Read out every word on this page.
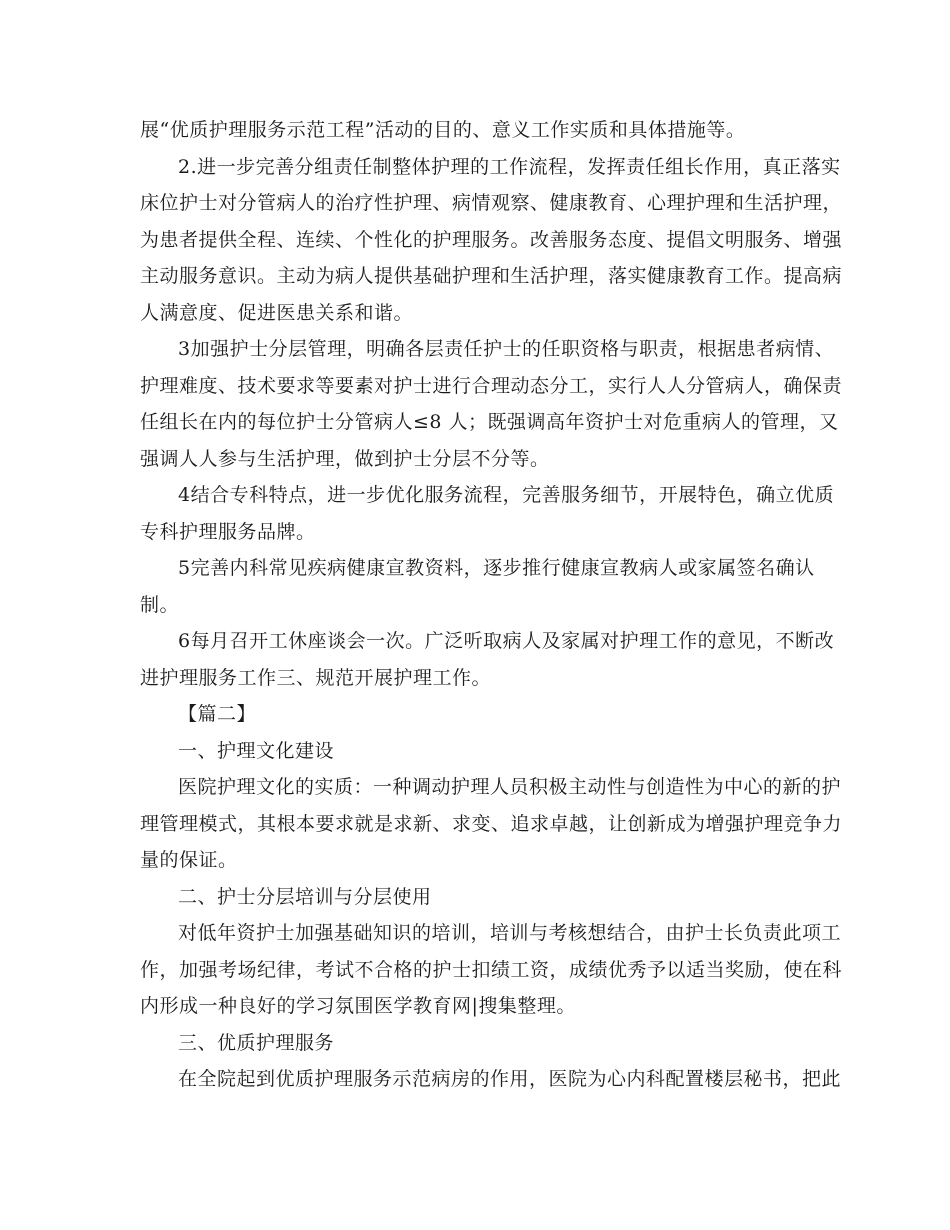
展“优质护理服务示范工程”活动的目的、意义工作实质和具体措施等。
2.进一步完善分组责任制整体护理的工作流程，发挥责任组长作用，真正落实
床位护士对分管病人的治疗性护理、病情观察、健康教育、心理护理和生活护理，
为患者提供全程、连续、个性化的护理服务。改善服务态度、提倡文明服务、增强
主动服务意识。主动为病人提供基础护理和生活护理，落实健康教育工作。提高病
人满意度、促进医患关系和谐。
3加强护士分层管理，明确各层责任护士的任职资格与职责，根据患者病情、
护理难度、技术要求等要素对护士进行合理动态分工，实行人人分管病人，确保责
任组长在内的每位护士分管病人≤8 人；既强调高年资护士对危重病人的管理，又
强调人人参与生活护理，做到护士分层不分等。
4结合专科特点，进一步优化服务流程，完善服务细节，开展特色，确立优质
专科护理服务品牌。
5完善内科常见疾病健康宣教资料，逐步推行健康宣教病人或家属签名确认
制。
6每月召开工休座谈会一次。广泛听取病人及家属对护理工作的意见，不断改
进护理服务工作三、规范开展护理工作。
【篇二】
一、护理文化建设
医院护理文化的实质：一种调动护理人员积极主动性与创造性为中心的新的护
理管理模式，其根本要求就是求新、求变、追求卓越，让创新成为增强护理竞争力
量的保证。
二、护士分层培训与分层使用
对低年资护士加强基础知识的培训，培训与考核想结合，由护士长负责此项工
作，加强考场纪律，考试不合格的护士扣绩工资，成绩优秀予以适当奖励，使在科
内形成一种良好的学习氛围医学教育网|搜集整理。
三、优质护理服务
在全院起到优质护理服务示范病房的作用，医院为心内科配置楼层秘书，把此
